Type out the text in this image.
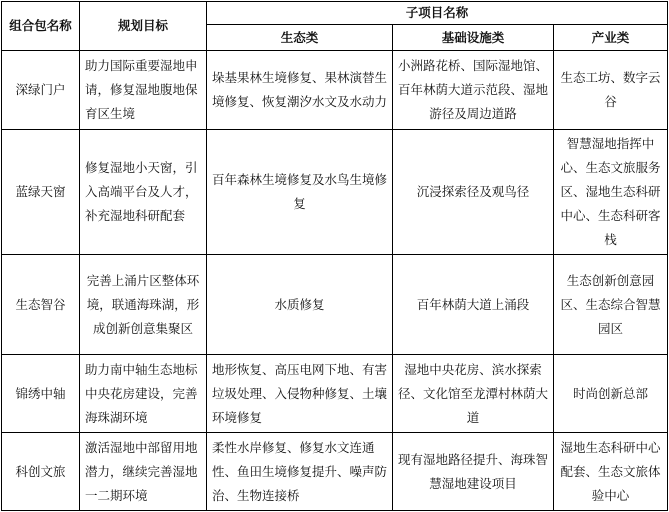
组合包名称	规划目标	子项目名称		
		生态类	基础设施类	产业类
深绿门户	助力国际重要湿地申请，修复湿地腹地保育区生境	垛基果林生境修复、果林演替生境修复、恢复潮汐水文及水动力	小洲路花桥、国际湿地馆、百年林荫大道示范段、湿地游径及周边道路	生态工坊、数字云谷
蓝绿天窗	修复湿地小天窗，引入高端平台及人才，补充湿地科研配套	百年森林生境修复及水鸟生境修复	沉浸探索径及观鸟径	智慧湿地指挥中心、生态文旅服务区、湿地生态科研中心、生态科研客栈
生态智谷	完善上涌片区整体环境，联通海珠湖，形成创新创意集聚区	水质修复	百年林荫大道上涌段	生态创新创意园区、生态综合智慧园区
锦绣中轴	助力南中轴生态地标中央花房建设，完善海珠湖环境	地形恢复、高压电网下地、有害垃圾处理、入侵物种修复、土壤环境修复	湿地中央花房、滨水探索径、文化馆至龙潭村林荫大道	时尚创新总部
科创文旅	激活湿地中部留用地潜力，继续完善湿地一二期环境	柔性水岸修复、修复水文连通性、鱼田生境修复提升、噪声防治、生物连接桥	现有湿地路径提升、海珠智慧湿地建设项目	湿地生态科研中心配套、生态文旅体验中心
